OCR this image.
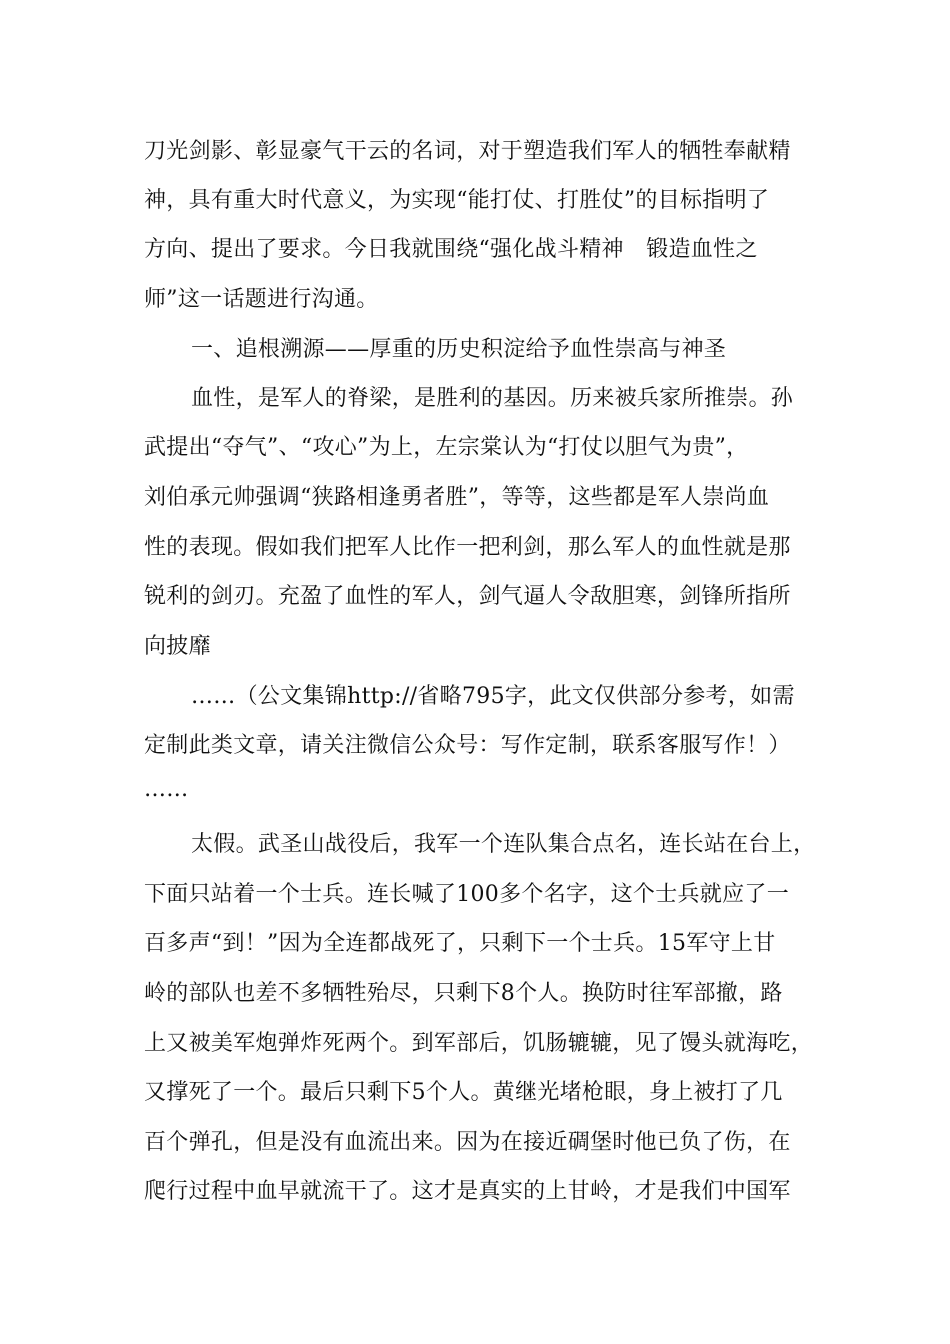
刀光剑影、彰显豪气干云的名词，对于塑造我们军人的牺牲奉献精
神，具有重大时代意义，为实现“能打仗、打胜仗”的目标指明了
方向、提出了要求。今日我就围绕“强化战斗精神　锻造血性之
师”这一话题进行沟通。
一、追根溯源——厚重的历史积淀给予血性崇高与神圣
血性，是军人的脊梁，是胜利的基因。历来被兵家所推崇。孙
武提出“夺气”、“攻心”为上，左宗棠认为“打仗以胆气为贵”，
刘伯承元帅强调“狭路相逢勇者胜”，等等，这些都是军人崇尚血
性的表现。假如我们把军人比作一把利剑，那么军人的血性就是那
锐利的剑刃。充盈了血性的军人，剑气逼人令敌胆寒，剑锋所指所
向披靡
……（公文集锦http://省略795字，此文仅供部分参考，如需
定制此类文章，请关注微信公众号：写作定制，联系客服写作！）
……
太假。武圣山战役后，我军一个连队集合点名，连长站在台上，
下面只站着一个士兵。连长喊了100多个名字，这个士兵就应了一
百多声“到！”因为全连都战死了，只剩下一个士兵。15军守上甘
岭的部队也差不多牺牲殆尽，只剩下8个人。换防时往军部撤，路
上又被美军炮弹炸死两个。到军部后，饥肠辘辘，见了馒头就海吃，
又撑死了一个。最后只剩下5个人。黄继光堵枪眼，身上被打了几
百个弹孔，但是没有血流出来。因为在接近碉堡时他已负了伤，在
爬行过程中血早就流干了。这才是真实的上甘岭，才是我们中国军
